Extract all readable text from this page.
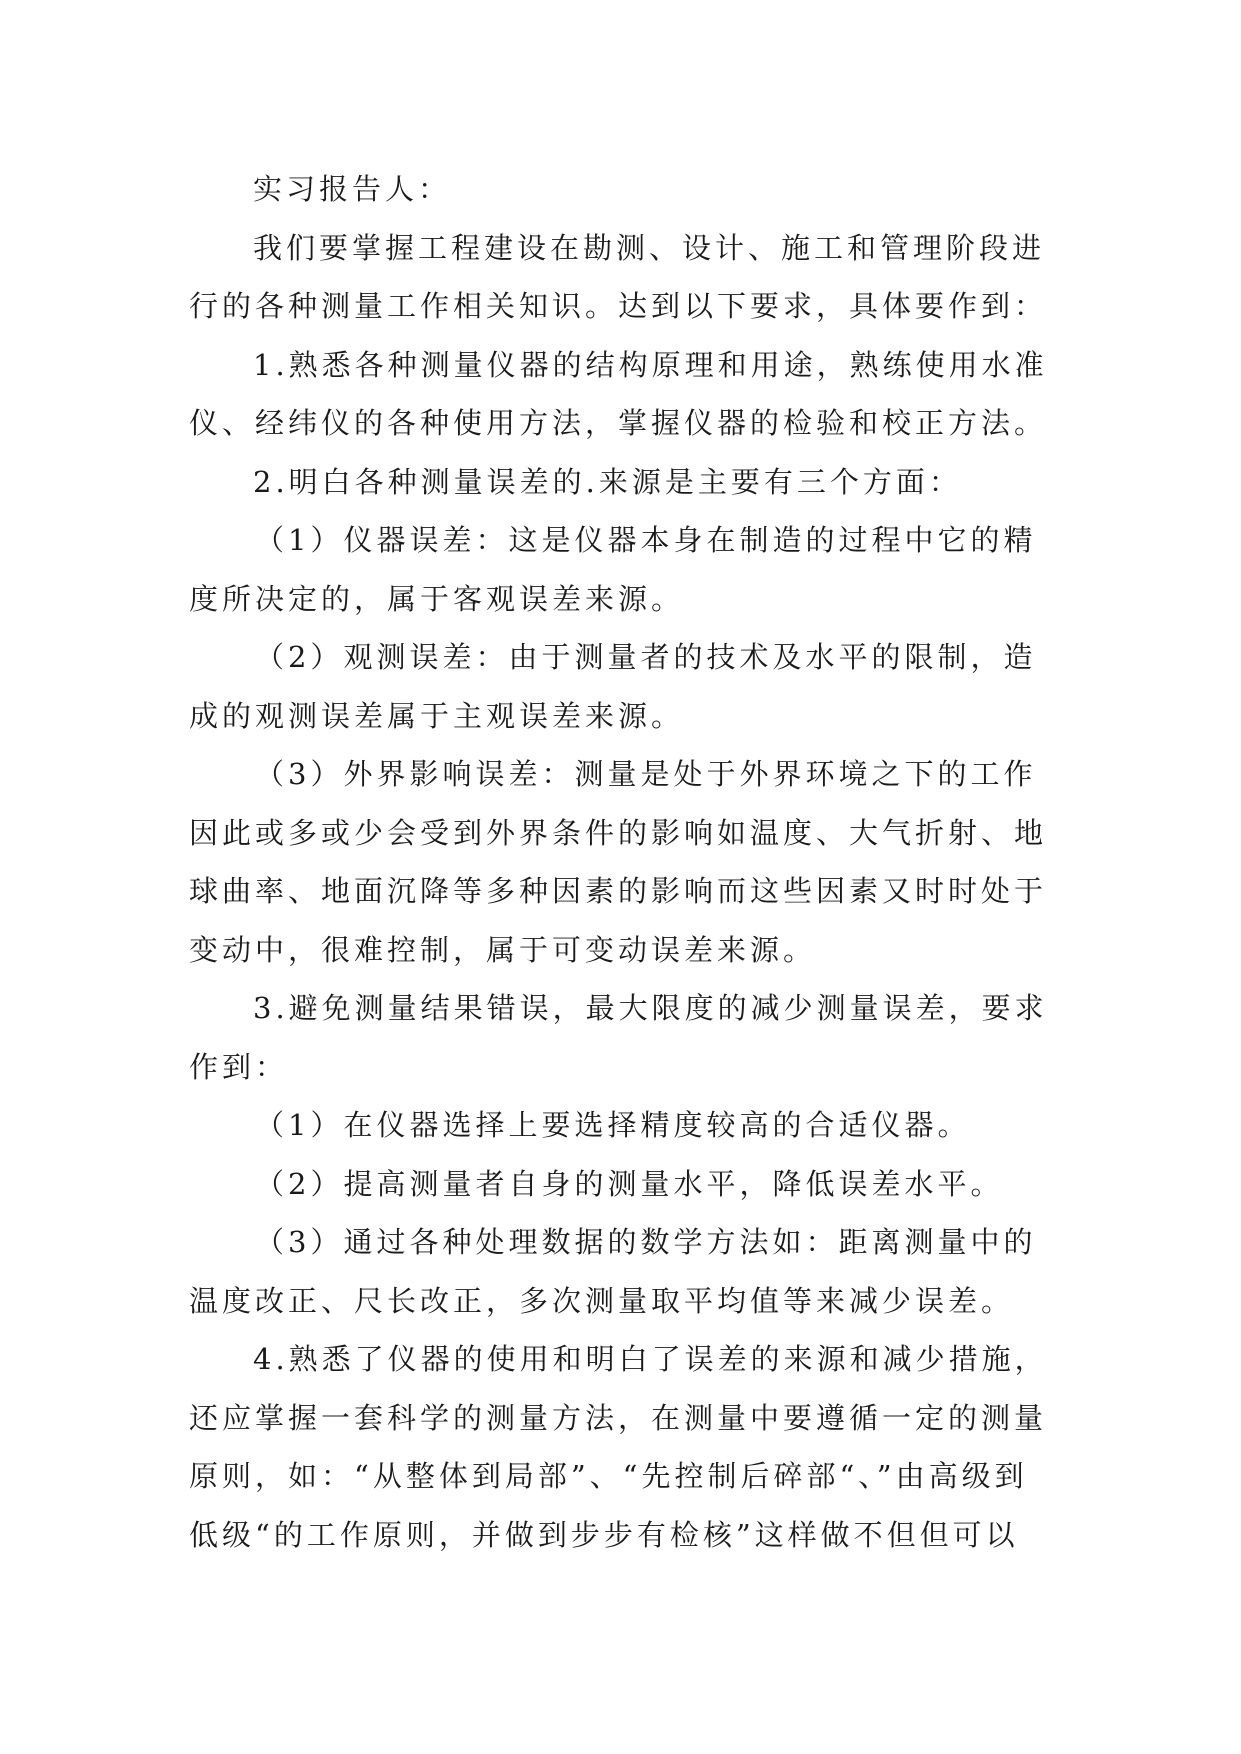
实习报告人：
我们要掌握工程建设在勘测、设计、施工和管理阶段进
行的各种测量工作相关知识。达到以下要求，具体要作到：
1.熟悉各种测量仪器的结构原理和用途，熟练使用水准
仪、经纬仪的各种使用方法，掌握仪器的检验和校正方法。
2.明白各种测量误差的.来源是主要有三个方面：
（1）仪器误差：这是仪器本身在制造的过程中它的精
度所决定的，属于客观误差来源。
（2）观测误差：由于测量者的技术及水平的限制，造
成的观测误差属于主观误差来源。
（3）外界影响误差：测量是处于外界环境之下的工作
因此或多或少会受到外界条件的影响如温度、大气折射、地
球曲率、地面沉降等多种因素的影响而这些因素又时时处于
变动中，很难控制，属于可变动误差来源。
3.避免测量结果错误，最大限度的减少测量误差，要求
作到：
（1）在仪器选择上要选择精度较高的合适仪器。
（2）提高测量者自身的测量水平，降低误差水平。
（3）通过各种处理数据的数学方法如：距离测量中的
温度改正、尺长改正，多次测量取平均值等来减少误差。
4.熟悉了仪器的使用和明白了误差的来源和减少措施，
还应掌握一套科学的测量方法，在测量中要遵循一定的测量
原则，如：“从整体到局部”、“先控制后碎部“、”由高级到
低级“的工作原则，并做到步步有检核”这样做不但但可以
